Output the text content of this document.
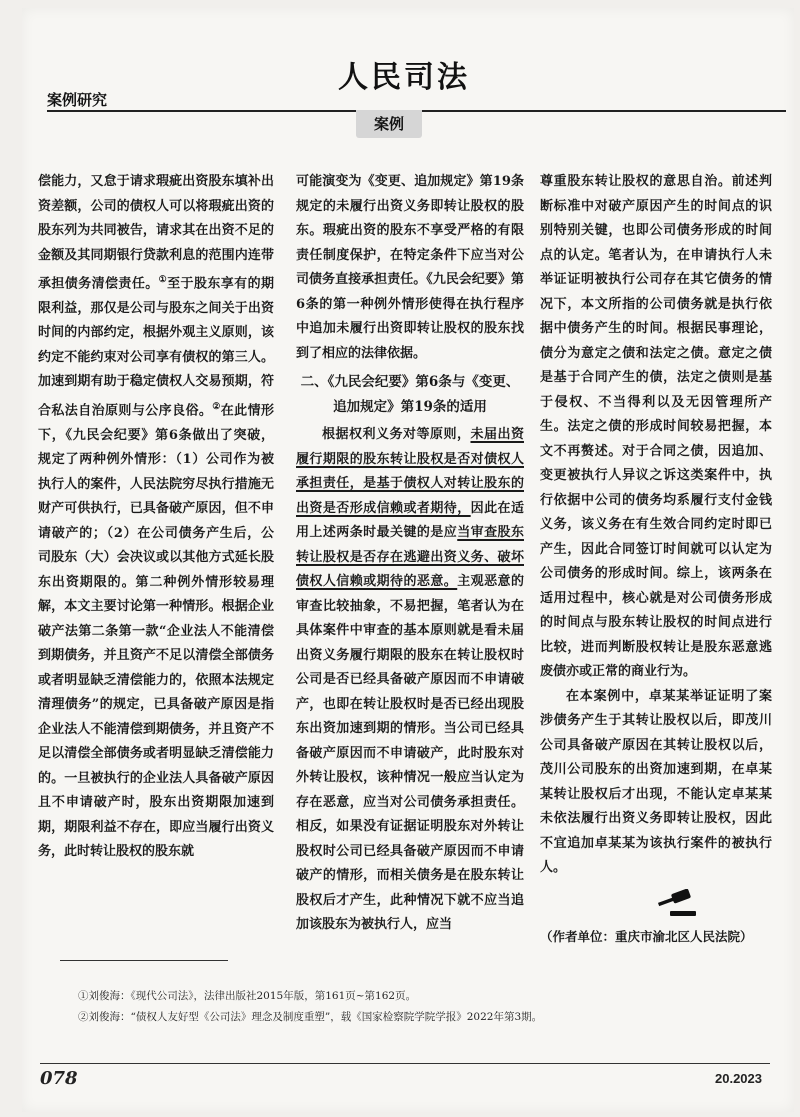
人民司法
案例研究
案例

偿能力，又怠于请求瑕疵出资股东填补出资差额，公司的债权人可以将瑕疵出资的股东列为共同被告，请求其在出资不足的金额及其同期银行贷款利息的范围内连带承担债务清偿责任。①至于股东享有的期限利益，那仅是公司与股东之间关于出资时间的内部约定，根据外观主义原则，该约定不能约束对公司享有债权的第三人。加速到期有助于稳定债权人交易预期，符合私法自治原则与公序良俗。②在此情形下，《九民会纪要》第6条做出了突破，规定了两种例外情形：（1）公司作为被执行人的案件，人民法院穷尽执行措施无财产可供执行，已具备破产原因，但不申请破产的；（2）在公司债务产生后，公司股东（大）会决议或以其他方式延长股东出资期限的。第二种例外情形较易理解，本文主要讨论第一种情形。根据企业破产法第二条第一款“企业法人不能清偿到期债务，并且资产不足以清偿全部债务或者明显缺乏清偿能力的，依照本法规定清理债务”的规定，已具备破产原因是指企业法人不能清偿到期债务，并且资产不足以清偿全部债务或者明显缺乏清偿能力的。一旦被执行的企业法人具备破产原因且不申请破产时，股东出资期限加速到期，期限利益不存在，即应当履行出资义务，此时转让股权的股东就

可能演变为《变更、追加规定》第19条规定的未履行出资义务即转让股权的股东。瑕疵出资的股东不享受严格的有限责任制度保护，在特定条件下应当对公司债务直接承担责任。《九民会纪要》第6条的第一种例外情形使得在执行程序中追加未履行出资即转让股权的股东找到了相应的法律依据。

二、《九民会纪要》第6条与《变更、追加规定》第19条的适用

根据权利义务对等原则，未届出资履行期限的股东转让股权是否对债权人承担责任，是基于债权人对转让股东的出资是否形成信赖或者期待，因此在适用上述两条时最关键的是应当审查股东转让股权是否存在逃避出资义务、破坏债权人信赖或期待的恶意。主观恶意的审查比较抽象，不易把握，笔者认为在具体案件中审查的基本原则就是看未届出资义务履行期限的股东在转让股权时公司是否已经具备破产原因而不申请破产，也即在转让股权时是否已经出现股东出资加速到期的情形。当公司已经具备破产原因而不申请破产，此时股东对外转让股权，该种情况一般应当认定为存在恶意，应当对公司债务承担责任。相反，如果没有证据证明股东对外转让股权时公司已经具备破产原因而不申请破产的情形，而相关债务是在股东转让股权后才产生，此种情况下就不应当追加该股东为被执行人，应当

尊重股东转让股权的意思自治。前述判断标准中对破产原因产生的时间点的识别特别关键，也即公司债务形成的时间点的认定。笔者认为，在申请执行人未举证证明被执行公司存在其它债务的情况下，本文所指的公司债务就是执行依据中债务产生的时间。根据民事理论，债分为意定之债和法定之债。意定之债是基于合同产生的债，法定之债则是基于侵权、不当得利以及无因管理所产生。法定之债的形成时间较易把握，本文不再赘述。对于合同之债，因追加、变更被执行人异议之诉这类案件中，执行依据中公司的债务均系履行支付金钱义务，该义务在有生效合同约定时即已产生，因此合同签订时间就可以认定为公司债务的形成时间。综上，该两条在适用过程中，核心就是对公司债务形成的时间点与股东转让股权的时间点进行比较，进而判断股权转让是股东恶意逃废债亦或正常的商业行为。

在本案例中，卓某某举证证明了案涉债务产生于其转让股权以后，即茂川公司具备破产原因在其转让股权以后，茂川公司股东的出资加速到期，在卓某某转让股权后才出现，不能认定卓某某未依法履行出资义务即转让股权，因此不宜追加卓某某为该执行案件的被执行人。

（作者单位：重庆市渝北区人民法院）

①刘俊海：《现代公司法》，法律出版社2015年版，第161页~第162页。

②刘俊海：“债权人友好型《公司法》理念及制度重塑”，载《国家检察院学院学报》2022年第3期。

078	20.2023
